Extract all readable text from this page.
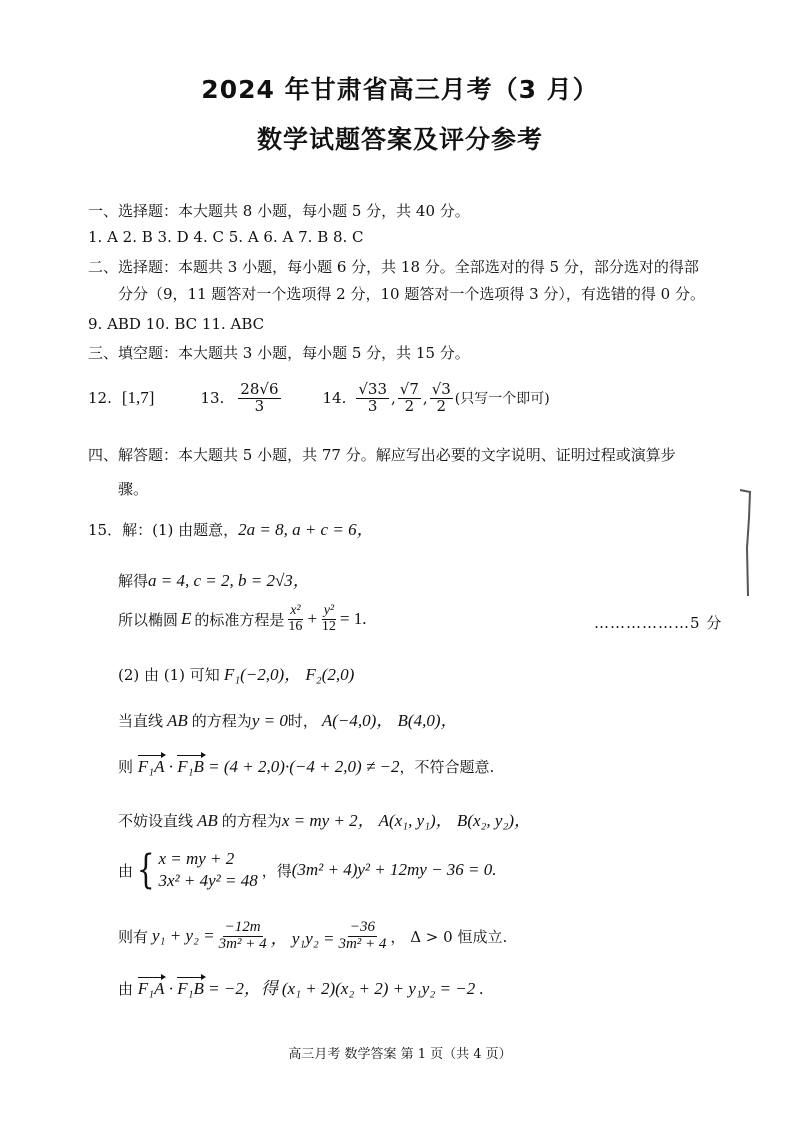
2024 年甘肃省高三月考（3 月）
数学试题答案及评分参考
一、选择题：本大题共 8 小题，每小题 5 分，共 40 分。
1. A 2. B 3. D 4. C 5. A 6. A 7. B 8. C
二、选择题：本题共 3 小题，每小题 6 分，共 18 分。全部选对的得 5 分，部分选对的得部
分分（9，11 题答对一个选项得 2 分，10 题答对一个选项得 3 分），有选错的得 0 分。
9. ABD 10. BC 11. ABC
三、填空题：本大题共 3 小题，每小题 5 分，共 15 分。
12. [1,7]	13. $\frac{28√6}{3}$	14. $\frac{√33}{3}$ , $\frac{√7}{2}$ , $\frac{√3}{2}$ (只写一个即可)
四、解答题：本大题共 5 小题，共 77 分。解应写出必要的文字说明、证明过程或演算步
骤。
15．解：(1) 由题意，2a = 8, a + c = 6，
解得a = 4, c = 2, b = 2√3，
所以椭圆 E 的标准方程是 $\frac{\text{x²}}{16} + \frac{\text{y²}}{12} = 1$.	………………5 分
(2) 由 (1) 可知 F₁(−2,0)， F₂(2,0)
当直线 AB 的方程为y = 0时， A(−4,0)， B(4,0)，
则 F₁A · F₁B = (4 + 2,0)·(−4 + 2,0) ≠ −2，不符合题意.
不妨设直线 AB 的方程为x = my + 2， A(x₁, y₁)， B(x₂, y₂)，
由 { x = my + 2
3x² + 4y² = 48
，得 (3m² + 4)y² + 12my − 36 = 0.
则有 $y_1 + y_2 = \frac{-12m}{\text{3m² + 4}}$ ， $y_1y_2 = \frac{-36}{\text{3m² + 4}}$ ， Δ > 0 恒成立.
由 F₁A · F₁B = −2，得 (x₁ + 2)(x₂ + 2) + y₁y₂ = −2 .
高三月考 数学答案 第 1 页（共 4 页）
